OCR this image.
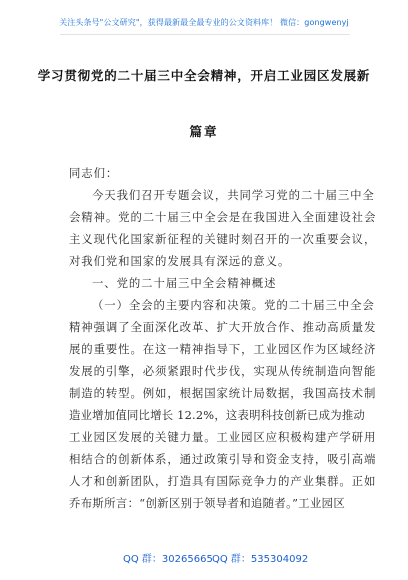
关注头条号"公文研究"，获得最新最全最专业的公文资料库！ 微信：gongwenyj
学习贯彻党的二十届三中全会精神，开启工业园区发展新
篇章
同志们：
今天我们召开专题会议，共同学习党的二十届三中全
会精神。党的二十届三中全会是在我国进入全面建设社会
主义现代化国家新征程的关键时刻召开的一次重要会议，
对我们党和国家的发展具有深远的意义。
一、党的二十届三中全会精神概述
（一）全会的主要内容和决策。党的二十届三中全会
精神强调了全面深化改革、扩大开放合作、推动高质量发
展的重要性。在这一精神指导下，工业园区作为区域经济
发展的引擎，必须紧跟时代步伐，实现从传统制造向智能
制造的转型。例如，根据国家统计局数据，我国高技术制
造业增加值同比增长 12.2%，这表明科技创新已成为推动
工业园区发展的关键力量。工业园区应积极构建产学研用
相结合的创新体系，通过政策引导和资金支持，吸引高端
人才和创新团队，打造具有国际竞争力的产业集群。正如
乔布斯所言：“创新区别于领导者和追随者。”工业园区
QQ 群：30265665 QQ 群：535304092
